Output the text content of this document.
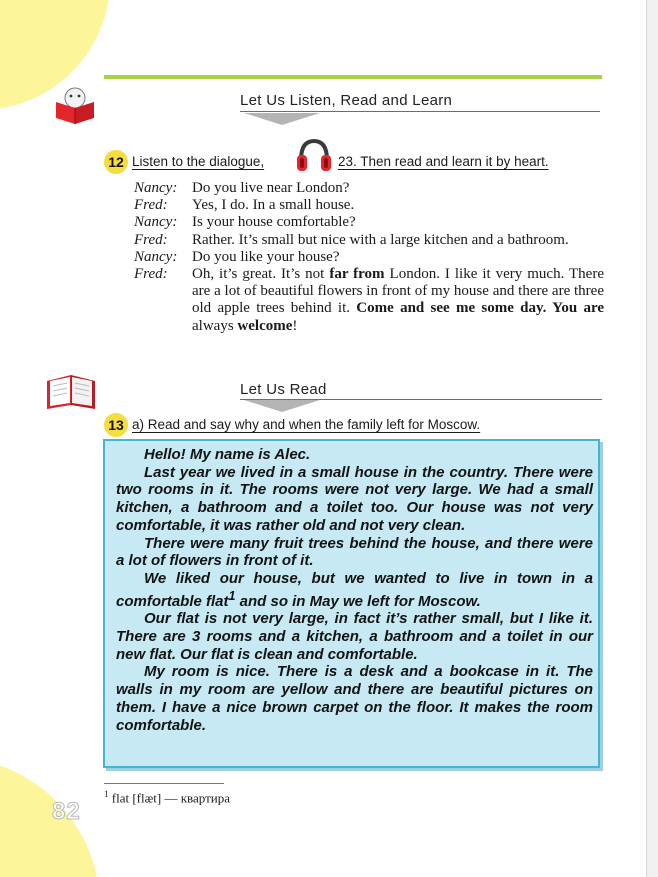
82
Let Us Listen, Read and Learn
12 Listen to the dialogue,	23. Then read and learn it by heart.
Nancy: Do you live near London?
Fred:	Yes, I do. In a small house.
Nancy: Is your house comfortable?
Fred:	Rather. It’s small but nice with a large kitchen and a bathroom.
Nancy: Do you like your house?
Fred:	Oh, it’s great. It’s not far from London. I like it very much. There are a lot of beautiful flowers in front of my house and there are three old apple trees behind it. Come and see me some day. You are always welcome!
Let Us Read
13 a) Read and say why and when the family left for Moscow.

Hello! My name is Alec.

Last year we lived in a small house in the country. There were two rooms in it. The rooms were not very large. We had a small kitchen, a bathroom and a toilet too. Our house was not very comfortable, it was rather old and not very clean.

There were many fruit trees behind the house, and there were a lot of flowers in front of it.

We liked our house, but we wanted to live in town in a comfortable flat$^1$ and so in May we left for Moscow.

Our flat is not very large, in fact it’s rather small, but I like it. There are 3 rooms and a kitchen, a bathroom and a toilet in our new flat. Our flat is clean and comfortable.

My room is nice. There is a desk and a bookcase in it. The walls in my room are yellow and there are beautiful pictures on them. I have a nice brown carpet on the floor. It makes the room comfortable.

$^1$ flat [flæt] — квартира
